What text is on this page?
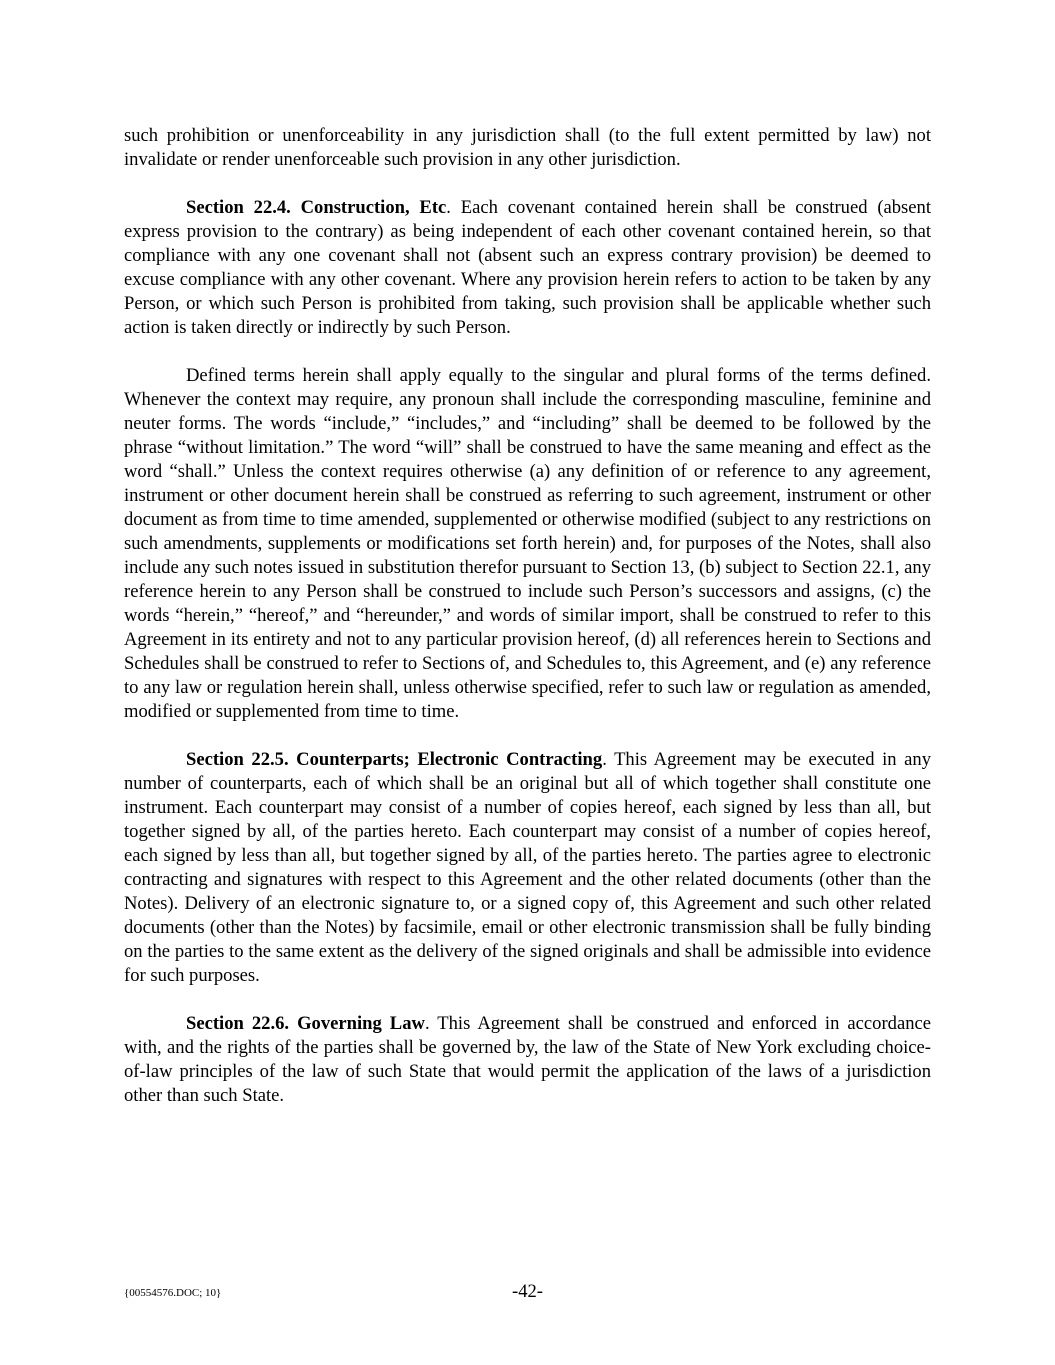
such prohibition or unenforceability in any jurisdiction shall (to the full extent permitted by law) not invalidate or render unenforceable such provision in any other jurisdiction.

Section 22.4. Construction, Etc. Each covenant contained herein shall be construed (absent express provision to the contrary) as being independent of each other covenant contained herein, so that compliance with any one covenant shall not (absent such an express contrary provision) be deemed to excuse compliance with any other covenant. Where any provision herein refers to action to be taken by any Person, or which such Person is prohibited from taking, such provision shall be applicable whether such action is taken directly or indirectly by such Person.

Defined terms herein shall apply equally to the singular and plural forms of the terms defined. Whenever the context may require, any pronoun shall include the corresponding masculine, feminine and neuter forms. The words “include,” “includes,” and “including” shall be deemed to be followed by the phrase “without limitation.” The word “will” shall be construed to have the same meaning and effect as the word “shall.” Unless the context requires otherwise (a) any definition of or reference to any agreement, instrument or other document herein shall be construed as referring to such agreement, instrument or other document as from time to time amended, supplemented or otherwise modified (subject to any restrictions on such amendments, supplements or modifications set forth herein) and, for purposes of the Notes, shall also include any such notes issued in substitution therefor pursuant to Section 13, (b) subject to Section 22.1, any reference herein to any Person shall be construed to include such Person’s successors and assigns, (c) the words “herein,” “hereof,” and “hereunder,” and words of similar import, shall be construed to refer to this Agreement in its entirety and not to any particular provision hereof, (d) all references herein to Sections and Schedules shall be construed to refer to Sections of, and Schedules to, this Agreement, and (e) any reference to any law or regulation herein shall, unless otherwise specified, refer to such law or regulation as amended, modified or supplemented from time to time.

Section 22.5. Counterparts; Electronic Contracting. This Agreement may be executed in any number of counterparts, each of which shall be an original but all of which together shall constitute one instrument. Each counterpart may consist of a number of copies hereof, each signed by less than all, but together signed by all, of the parties hereto. Each counterpart may consist of a number of copies hereof, each signed by less than all, but together signed by all, of the parties hereto. The parties agree to electronic contracting and signatures with respect to this Agreement and the other related documents (other than the Notes). Delivery of an electronic signature to, or a signed copy of, this Agreement and such other related documents (other than the Notes) by facsimile, email or other electronic transmission shall be fully binding on the parties to the same extent as the delivery of the signed originals and shall be admissible into evidence for such purposes.

Section 22.6. Governing Law. This Agreement shall be construed and enforced in accordance with, and the rights of the parties shall be governed by, the law of the State of New York excluding choice-of-law principles of the law of such State that would permit the application of the laws of a jurisdiction other than such State.

{00554576.DOC; 10}	-42-
